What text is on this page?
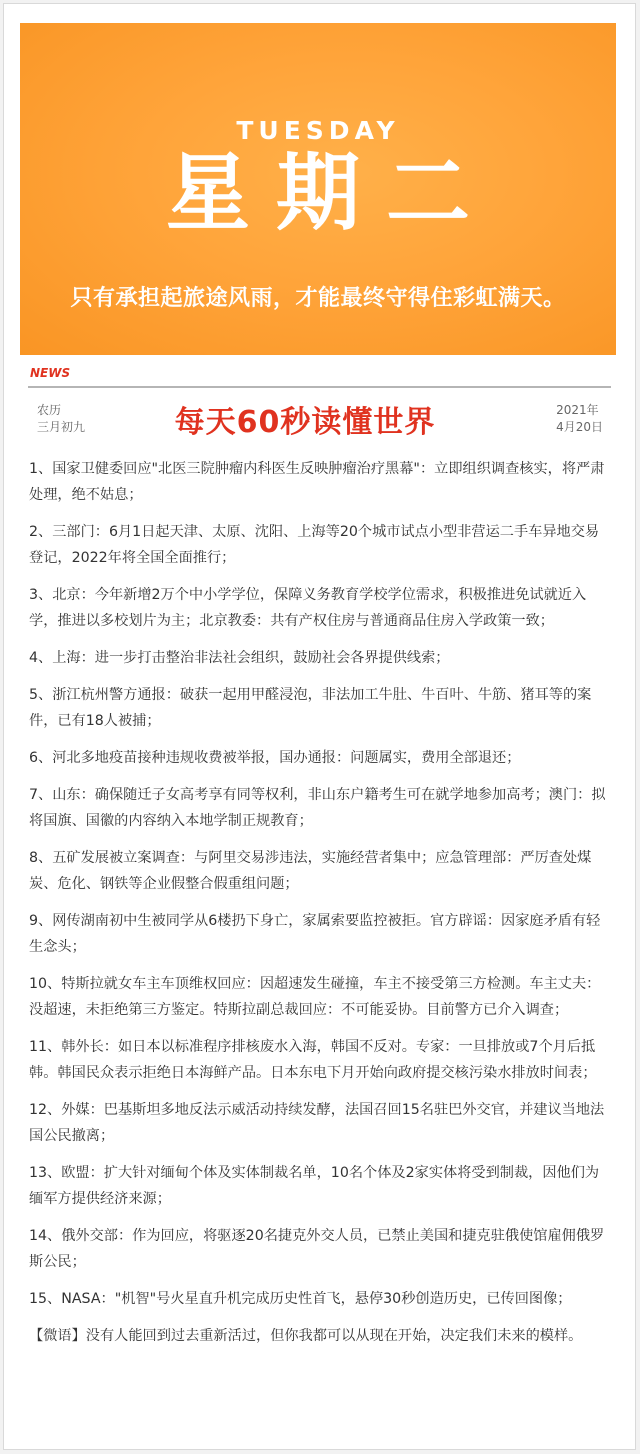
TUESDAY
星期二
只有承担起旅途风雨，才能最终守得住彩虹满天。
NEWS
农历
三月初九	每天60秒读懂世界	2021年
4月20日

1、国家卫健委回应"北医三院肿瘤内科医生反映肿瘤治疗黑幕"：立即组织调查核实，将严肃处理，绝不姑息；

2、三部门：6月1日起天津、太原、沈阳、上海等20个城市试点小型非营运二手车异地交易登记，2022年将全国全面推行；

3、北京：今年新增2万个中小学学位，保障义务教育学校学位需求，积极推进免试就近入学，推进以多校划片为主；北京教委：共有产权住房与普通商品住房入学政策一致；

4、上海：进一步打击整治非法社会组织，鼓励社会各界提供线索；

5、浙江杭州警方通报：破获一起用甲醛浸泡，非法加工牛肚、牛百叶、牛筋、猪耳等的案件，已有18人被捕；

6、河北多地疫苗接种违规收费被举报，国办通报：问题属实，费用全部退还；

7、山东：确保随迁子女高考享有同等权利，非山东户籍考生可在就学地参加高考；澳门：拟将国旗、国徽的内容纳入本地学制正规教育；

8、五矿发展被立案调查：与阿里交易涉违法，实施经营者集中；应急管理部：严厉查处煤炭、危化、钢铁等企业假整合假重组问题；

9、网传湖南初中生被同学从6楼扔下身亡，家属索要监控被拒。官方辟谣：因家庭矛盾有轻生念头；

10、特斯拉就女车主车顶维权回应：因超速发生碰撞，车主不接受第三方检测。车主丈夫：没超速，未拒绝第三方鉴定。特斯拉副总裁回应：不可能妥协。目前警方已介入调查；

11、韩外长：如日本以标准程序排核废水入海，韩国不反对。专家：一旦排放或7个月后抵韩。韩国民众表示拒绝日本海鲜产品。日本东电下月开始向政府提交核污染水排放时间表；

12、外媒：巴基斯坦多地反法示威活动持续发酵，法国召回15名驻巴外交官，并建议当地法国公民撤离；

13、欧盟：扩大针对缅甸个体及实体制裁名单，10名个体及2家实体将受到制裁，因他们为缅军方提供经济来源；

14、俄外交部：作为回应，将驱逐20名捷克外交人员，已禁止美国和捷克驻俄使馆雇佣俄罗斯公民；

15、NASA："机智"号火星直升机完成历史性首飞，悬停30秒创造历史，已传回图像；

【微语】没有人能回到过去重新活过，但你我都可以从现在开始，决定我们未来的模样。
